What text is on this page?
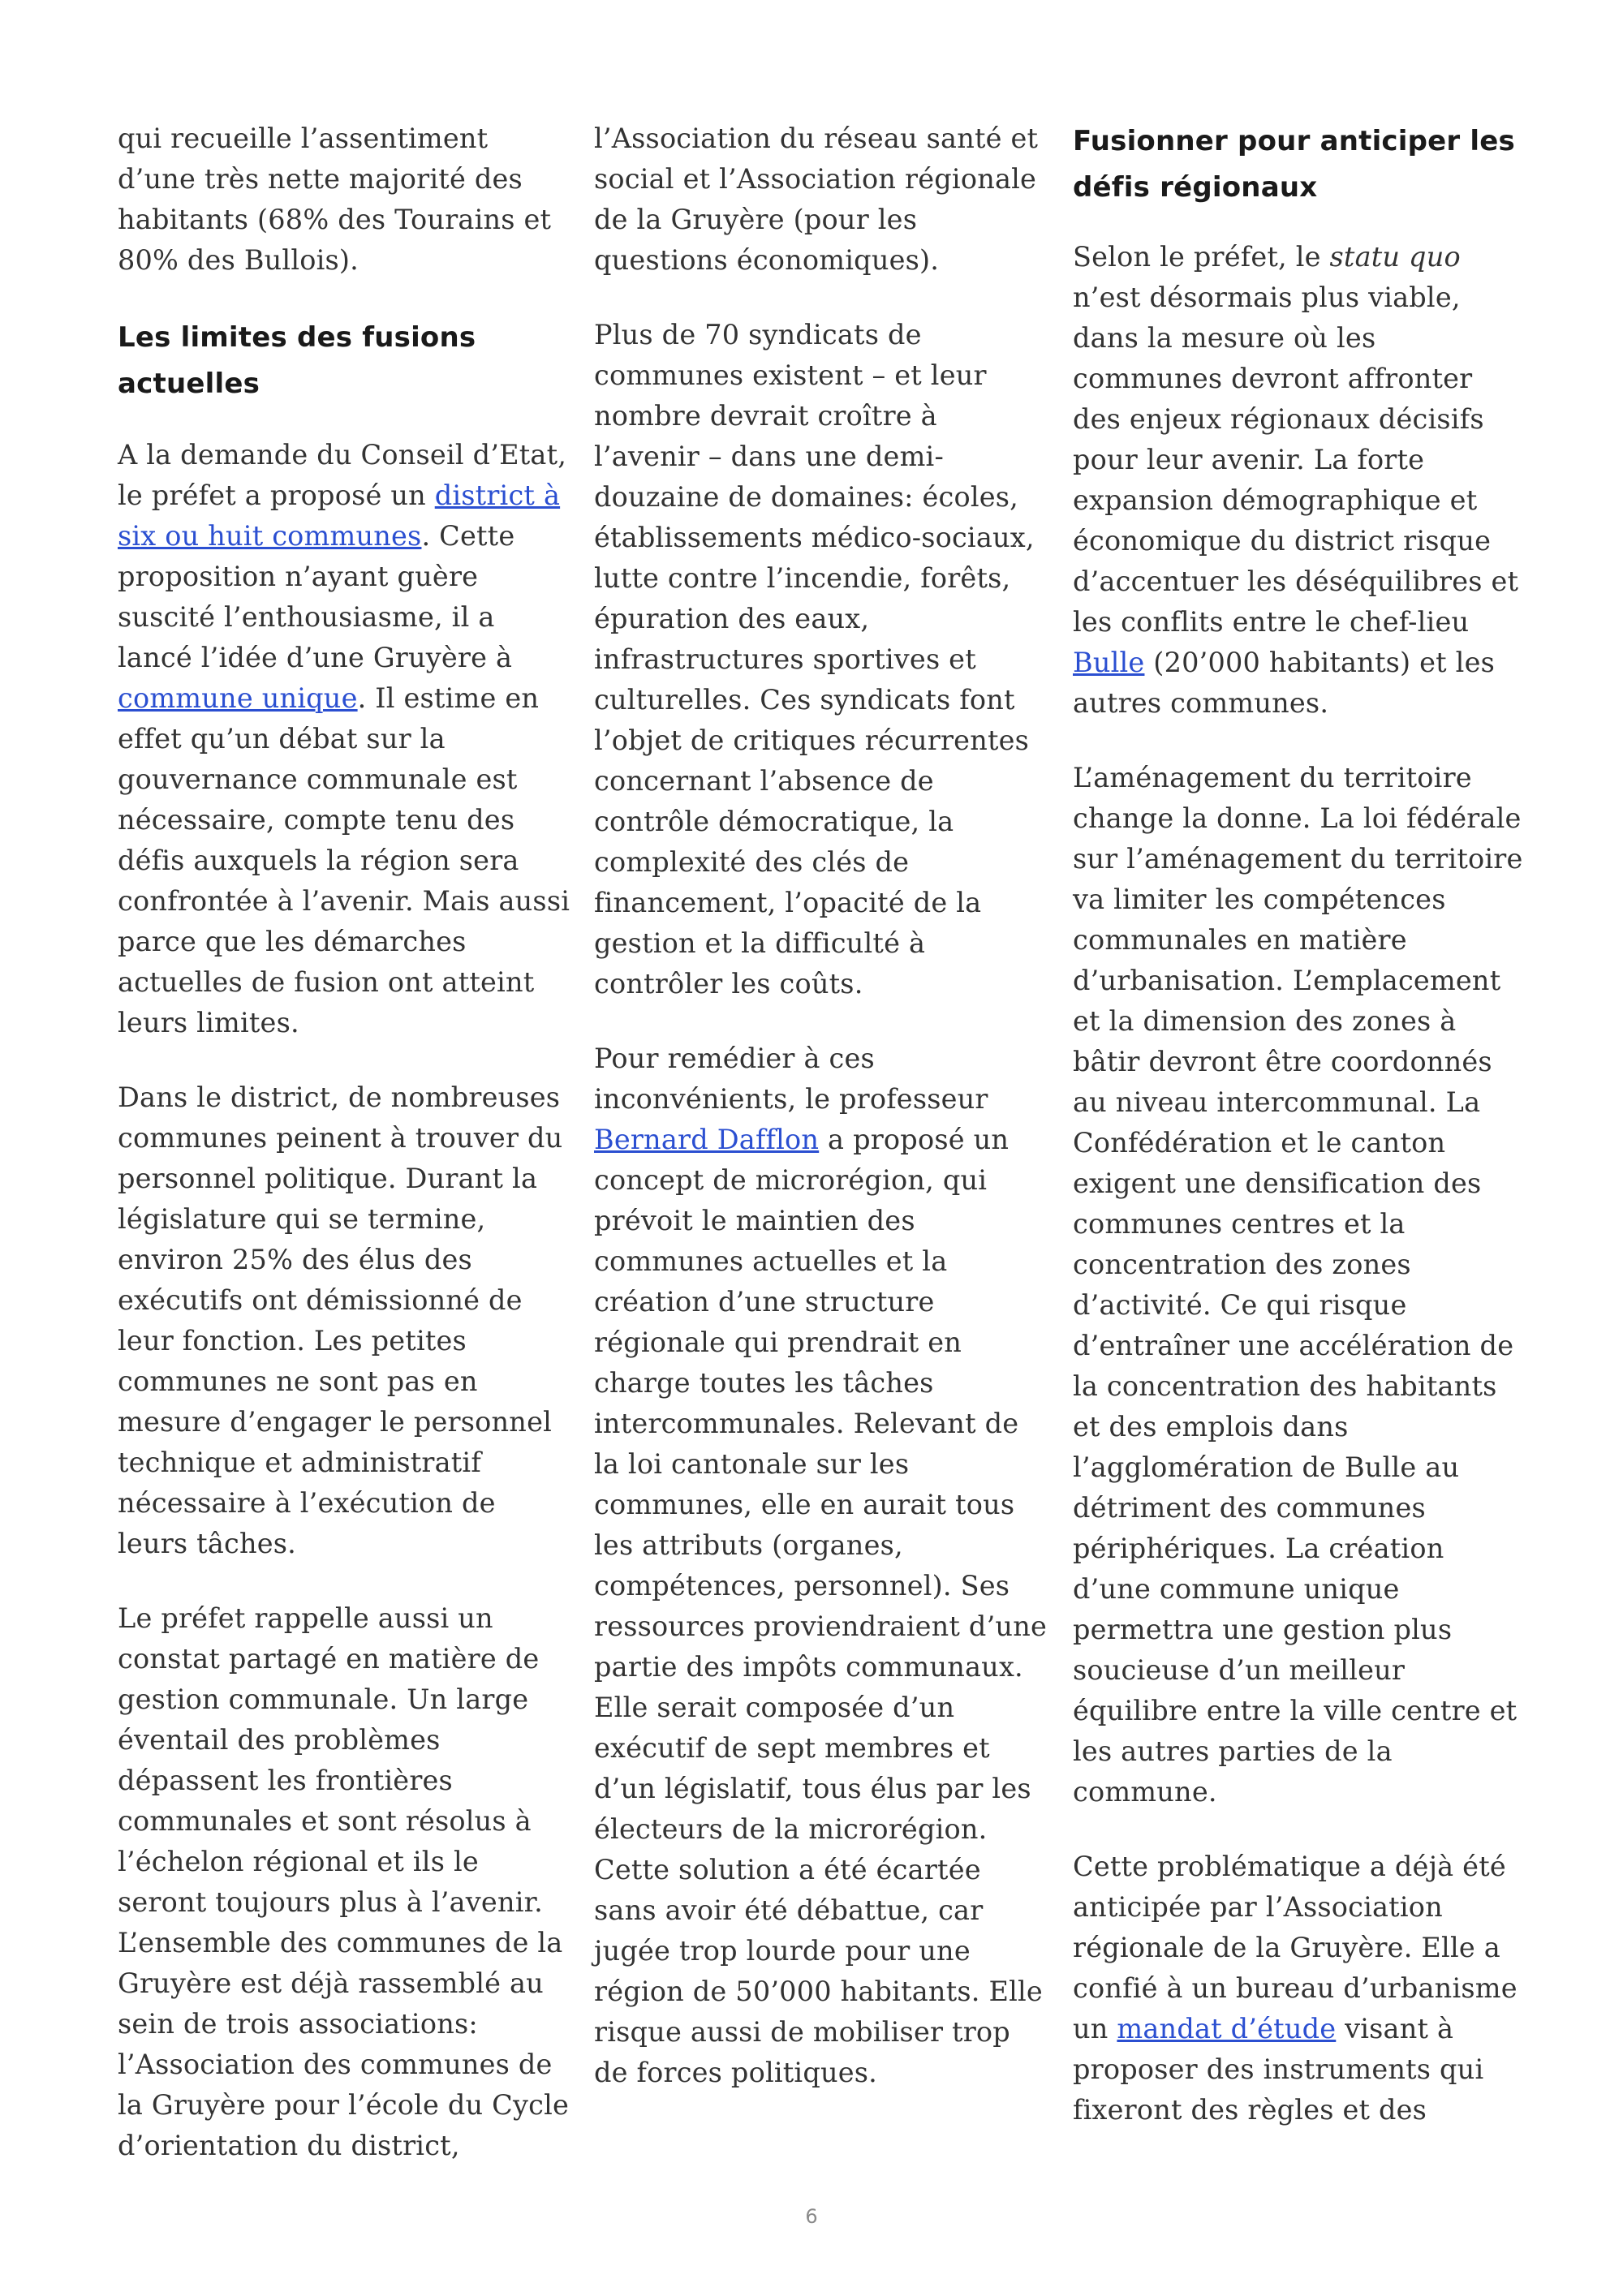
qui recueille l’assentiment d’une très nette majorité des habitants (68% des Tourains et 80% des Bullois).

Les limites des fusions actuelles

A la demande du Conseil d’Etat, le préfet a proposé un district à six ou huit communes. Cette proposition n’ayant guère suscité l’enthousiasme, il a lancé l’idée d’une Gruyère à commune unique. Il estime en effet qu’un débat sur la gouvernance communale est nécessaire, compte tenu des défis auxquels la région sera confrontée à l’avenir. Mais aussi parce que les démarches actuelles de fusion ont atteint leurs limites.

Dans le district, de nombreuses communes peinent à trouver du personnel politique. Durant la législature qui se termine, environ 25% des élus des exécutifs ont démissionné de leur fonction. Les petites communes ne sont pas en mesure d’engager le personnel technique et administratif nécessaire à l’exécution de leurs tâches.

Le préfet rappelle aussi un constat partagé en matière de gestion communale. Un large éventail des problèmes dépassent les frontières communales et sont résolus à l’échelon régional et ils le seront toujours plus à l’avenir. L’ensemble des communes de la Gruyère est déjà rassemblé au sein de trois associations: l’Association des communes de la Gruyère pour l’école du Cycle d’orientation du district,

l’Association du réseau santé et social et l’Association régionale de la Gruyère (pour les questions économiques).

Plus de 70 syndicats de communes existent – et leur nombre devrait croître à l’avenir – dans une demi-douzaine de domaines: écoles, établissements médico-sociaux, lutte contre l’incendie, forêts, épuration des eaux, infrastructures sportives et culturelles. Ces syndicats font l’objet de critiques récurrentes concernant l’absence de contrôle démocratique, la complexité des clés de financement, l’opacité de la gestion et la difficulté à contrôler les coûts.

Pour remédier à ces inconvénients, le professeur Bernard Dafflon a proposé un concept de microrégion, qui prévoit le maintien des communes actuelles et la création d’une structure régionale qui prendrait en charge toutes les tâches intercommunales. Relevant de la loi cantonale sur les communes, elle en aurait tous les attributs (organes, compétences, personnel). Ses ressources proviendraient d’une partie des impôts communaux. Elle serait composée d’un exécutif de sept membres et d’un législatif, tous élus par les électeurs de la microrégion. Cette solution a été écartée sans avoir été débattue, car jugée trop lourde pour une région de 50’000 habitants. Elle risque aussi de mobiliser trop de forces politiques.

Fusionner pour anticiper les défis régionaux

Selon le préfet, le statu quo n’est désormais plus viable, dans la mesure où les communes devront affronter des enjeux régionaux décisifs pour leur avenir. La forte expansion démographique et économique du district risque d’accentuer les déséquilibres et les conflits entre le chef-lieu Bulle (20’000 habitants) et les autres communes.

L’aménagement du territoire change la donne. La loi fédérale sur l’aménagement du territoire va limiter les compétences communales en matière d’urbanisation. L’emplacement et la dimension des zones à bâtir devront être coordonnés au niveau intercommunal. La Confédération et le canton exigent une densification des communes centres et la concentration des zones d’activité. Ce qui risque d’entraîner une accélération de la concentration des habitants et des emplois dans l’agglomération de Bulle au détriment des communes périphériques. La création d’une commune unique permettra une gestion plus soucieuse d’un meilleur équilibre entre la ville centre et les autres parties de la commune.

Cette problématique a déjà été anticipée par l’Association régionale de la Gruyère. Elle a confié à un bureau d’urbanisme un mandat d’étude visant à proposer des instruments qui fixeront des règles et des

6
